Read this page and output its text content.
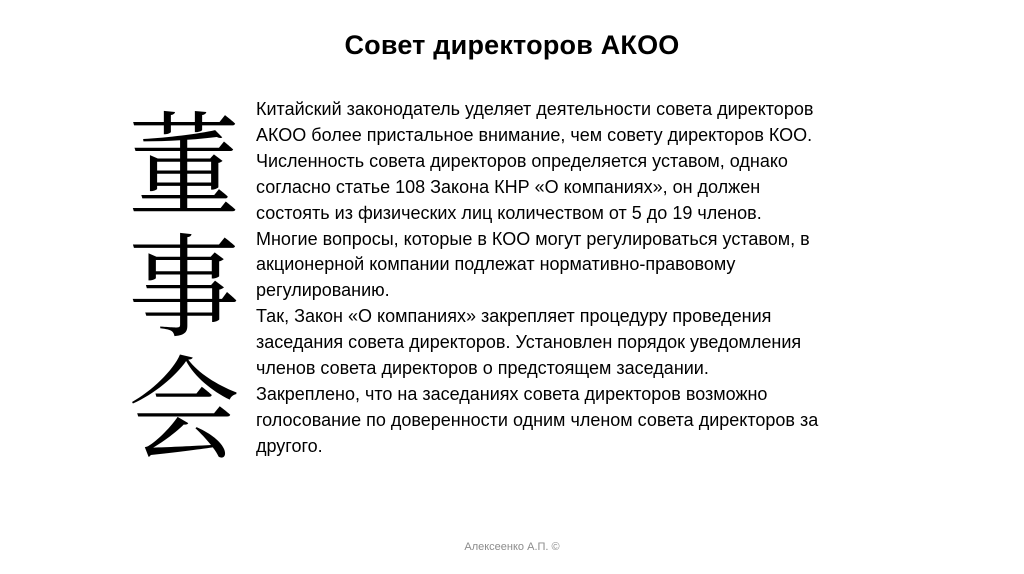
Совет директоров АКОО
董
事
会

Китайский законодатель уделяет деятельности совета директоров
АКОО более пристальное внимание, чем совету директоров КОО.
Численность совета директоров определяется уставом, однако
согласно статье 108 Закона КНР «О компаниях», он должен
состоять из физических лиц количеством от 5 до 19 членов.
Многие вопросы, которые в КОО могут регулироваться уставом, в
акционерной компании подлежат нормативно-правовому
регулированию.

Так, Закон «О компаниях» закрепляет процедуру проведения
заседания совета директоров. Установлен порядок уведомления
членов совета директоров о предстоящем заседании.

Закреплено, что на заседаниях совета директоров возможно
голосование по доверенности одним членом совета директоров за
другого.

Алексеенко А.П. ©
